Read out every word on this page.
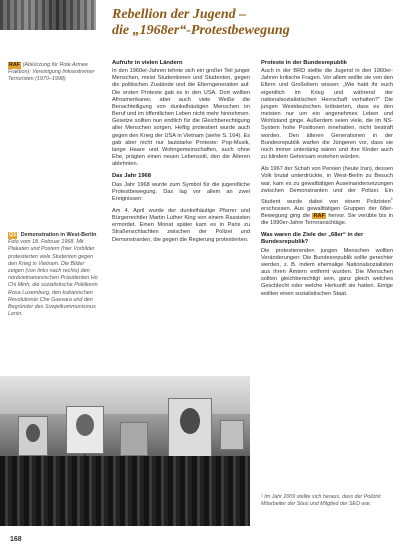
Rebellion der Jugend –
die „1968er“-Protestbewegung

RAF (Abkürzung für Rote Armee Fraktion): Vereinigung linksextremer Terroristen (1970–1998)

Q1 Demonstration in West-Berlin
Foto vom 18. Februar 1968. Mit Plakaten und Postern (hier Vorbilder protestierten viele Studenten gegen den Krieg in Vietnam. Die Bilder zeigen (von links nach rechts) den nordvietnamesischen Präsidenten Ho Chi Minh, die sozialistische Politikerin Rosa Luxemburg, den kubanischen Revolutionär Che Guevara und den Begründer des Sowjetkommunismus Lenin.
Aufruhr in vielen Ländern

In den 1960er-Jahren lehnte sich ein großer Teil junger Menschen, meist Studentinnen und Studenten, gegen die politischen Zustände und die Elterngeneration auf. Die ersten Proteste gab es in den USA. Dort wollten Afroamerikaner, aber auch viele Weiße die Benachteiligung von dunkelhäutigen Menschen im Beruf und im öffentlichen Leben nicht mehr hinnehmen. Gesetze sollten nun endlich für die Gleichberechtigung aller Menschen sorgen. Heftig protestiert wurde auch gegen den Krieg der USA in Vietnam (siehe S. 164). Es gab aber nicht nur lautstarke Proteste: Pop-Musik, lange Haare und Wohngemeinschaften, auch ohne Ehe, prägten einen neuen Lebensstil, den die Älteren ablehnten.

Das Jahr 1968

Das Jahr 1968 wurde zum Symbol für die jugendliche Protestbewegung. Das lag vor allem an zwei Ereignissen:

Am 4. April wurde der dunkelhäutige Pfarrer und Bürgerrechtler Martin Luther King von einem Rassisten ermordet. Einen Monat später kam es in Paris zu Straßenschlachten zwischen der Polizei und Demonstranten, die gegen die Regierung protestierten.

Proteste in der Bundesrepublik

Auch in der BRD stellte die Jugend in den 1960er-Jahren kritische Fragen. Vor allem wollte sie von den Eltern und Großeltern wissen: „Wie habt ihr euch eigentlich im Krieg und während der nationalsozialistischen Herrschaft verhalten?“ Die jungen Westdeutschen kritisierten, dass es den meisten nur um ein angenehmes Leben und Wohlstand ginge. Außerdem seien viele, die im NS-System hohe Positionen innehatten, nicht bestraft worden. Den älteren Generationen in der Bundesrepublik warfen die Jüngeren vor, dass sie noch immer untertänig wären und ihre Kinder auch zu blindem Gehorsam erziehen würden.

Als 1967 der Schah von Persien (heute Iran), dessen Volk brutal unterdrückte, in West-Berlin zu Besuch war, kam es zu gewalttätigen Auseinandersetzungen zwischen Demonstranten und der Polizei. Ein Student wurde dabei von einem Polizisten$^1$ erschossen. Aus gewalttätigen Gruppen der 68er-Bewegung ging die RAF hervor. Sie verübte bis in die 1990er-Jahre Terroranschläge.

Was waren die Ziele der „68er“ in der Bundesrepublik?

Die protestierenden jungen Menschen wollten Veränderungen: Die Bundesrepublik sollte gerechter werden, z. B. indem ehemalige Nationalsozialisten aus ihren Ämtern entfernt wurden. Die Menschen sollten gleichberechtigt sein, ganz gleich welches Geschlecht oder welche Herkunft sie hatten. Einige wollten einen sozialistischen Staat.

¹ Im Jahr 2009 stellte sich heraus, dass der Polizist Mitarbeiter der Stasi und Mitglied der SED war.
168
